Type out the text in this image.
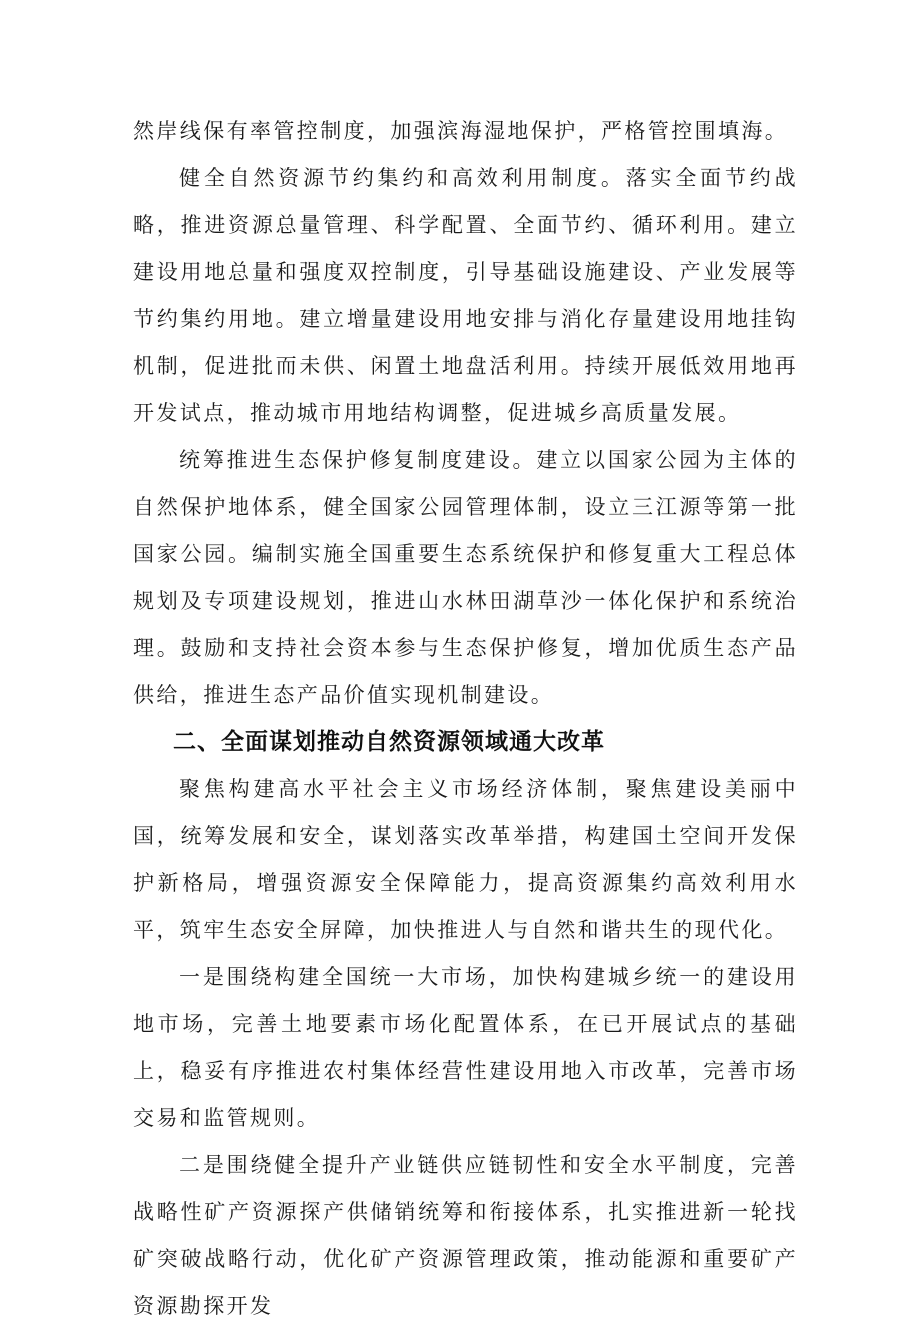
然岸线保有率管控制度，加强滨海湿地保护，严格管控围填海。

健全自然资源节约集约和高效利用制度。落实全面节约战略，推进资源总量管理、科学配置、全面节约、循环利用。建立建设用地总量和强度双控制度，引导基础设施建设、产业发展等节约集约用地。建立增量建设用地安排与消化存量建设用地挂钩机制，促进批而未供、闲置土地盘活利用。持续开展低效用地再开发试点，推动城市用地结构调整，促进城乡高质量发展。

统筹推进生态保护修复制度建设。建立以国家公园为主体的自然保护地体系，健全国家公园管理体制，设立三江源等第一批国家公园。编制实施全国重要生态系统保护和修复重大工程总体规划及专项建设规划，推进山水林田湖草沙一体化保护和系统治理。鼓励和支持社会资本参与生态保护修复，增加优质生态产品供给，推进生态产品价值实现机制建设。

二、全面谋划推动自然资源领域通大改革

聚焦构建高水平社会主义市场经济体制，聚焦建设美丽中国，统筹发展和安全，谋划落实改革举措，构建国土空间开发保护新格局，增强资源安全保障能力，提高资源集约高效利用水平，筑牢生态安全屏障，加快推进人与自然和谐共生的现代化。

一是围绕构建全国统一大市场，加快构建城乡统一的建设用地市场，完善土地要素市场化配置体系，在已开展试点的基础上，稳妥有序推进农村集体经营性建设用地入市改革，完善市场交易和监管规则。

二是围绕健全提升产业链供应链韧性和安全水平制度，完善战略性矿产资源探产供储销统筹和衔接体系，扎实推进新一轮找矿突破战略行动，优化矿产资源管理政策，推动能源和重要矿产资源勘探开发
